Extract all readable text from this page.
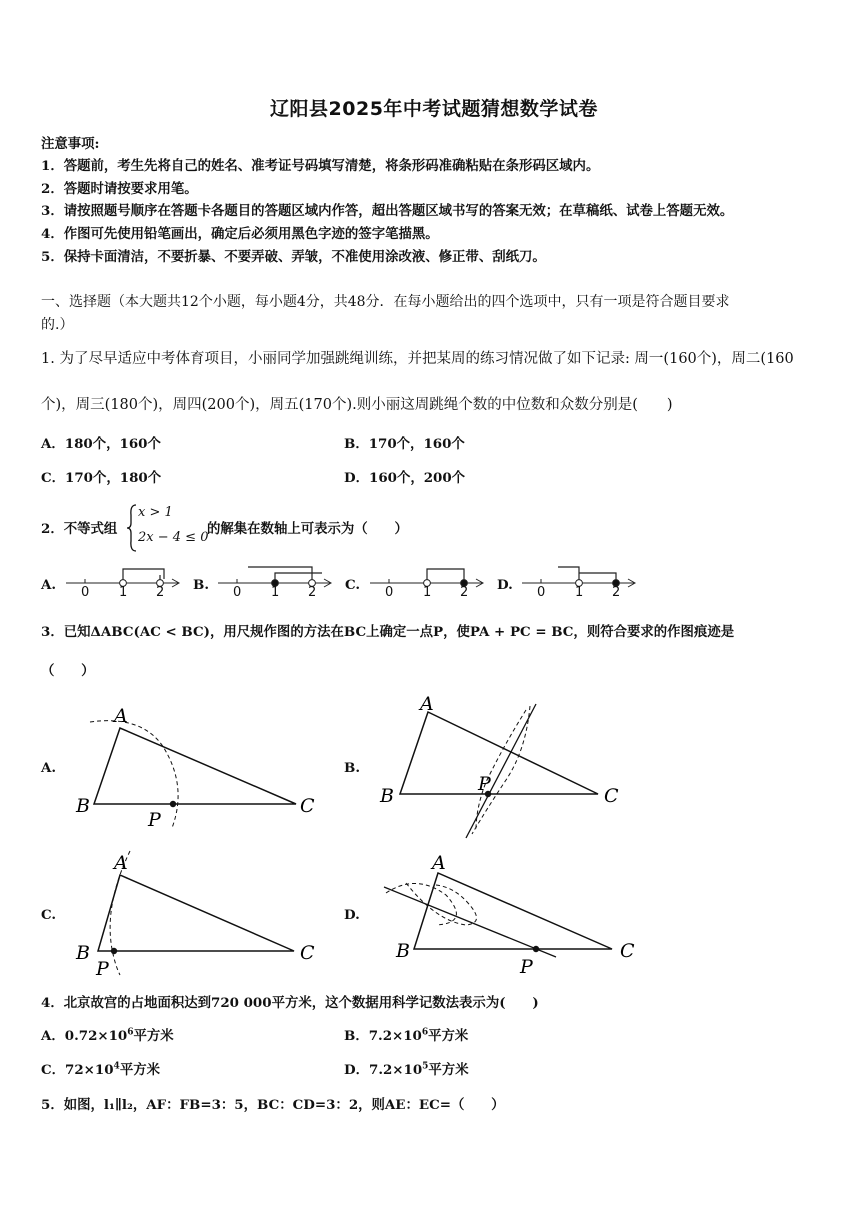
辽阳县2025年中考试题猜想数学试卷
注意事项:
1．答题前，考生先将自己的姓名、准考证号码填写清楚，将条形码准确粘贴在条形码区域内。
2．答题时请按要求用笔。
3．请按照题号顺序在答题卡各题目的答题区域内作答，超出答题区域书写的答案无效；在草稿纸、试卷上答题无效。
4．作图可先使用铅笔画出，确定后必须用黑色字迹的签字笔描黑。
5．保持卡面清洁，不要折暴、不要弄破、弄皱，不准使用涂改液、修正带、刮纸刀。
一、选择题（本大题共12个小题，每小题4分，共48分．在每小题给出的四个选项中，只有一项是符合题目要求
的.）
1. 为了尽早适应中考体育项目，小丽同学加强跳绳训练，并把某周的练习情况做了如下记录: 周一(160个)，周二(160
个)，周三(180个)，周四(200个)，周五(170个).则小丽这周跳绳个数的中位数和众数分别是(　　)
A．180个，160个	B．170个，160个
C．170个，180个	D．160个，200个
2．不等式组
x > 1
2x − 4 ≤ 0
的解集在数轴上可表示为（　　）
A.	B.	C.	D.
0 1 2	0 1 2	0 1 2	0 1 2
3．已知ΔABC(AC < BC)，用尺规作图的方法在BC上确定一点P，使PA + PC = BC，则符合要求的作图痕迹是
（　　）
A.	B.
C.	D.
A
B	C
P
A
B	C
P
A
B	C
P
A
B	C
P
4．北京故宫的占地面积达到720 000平方米，这个数据用科学记数法表示为(　　)
A．$0.72\times 10^6$平方米	B．$7.2\times 10^6$平方米
C．$72\times 10^4$平方米	D．$7.2\times 10^5$平方米
5．如图，l₁∥l₂，AF：FB=3：5，BC：CD=3：2，则AE：EC=（　　）
